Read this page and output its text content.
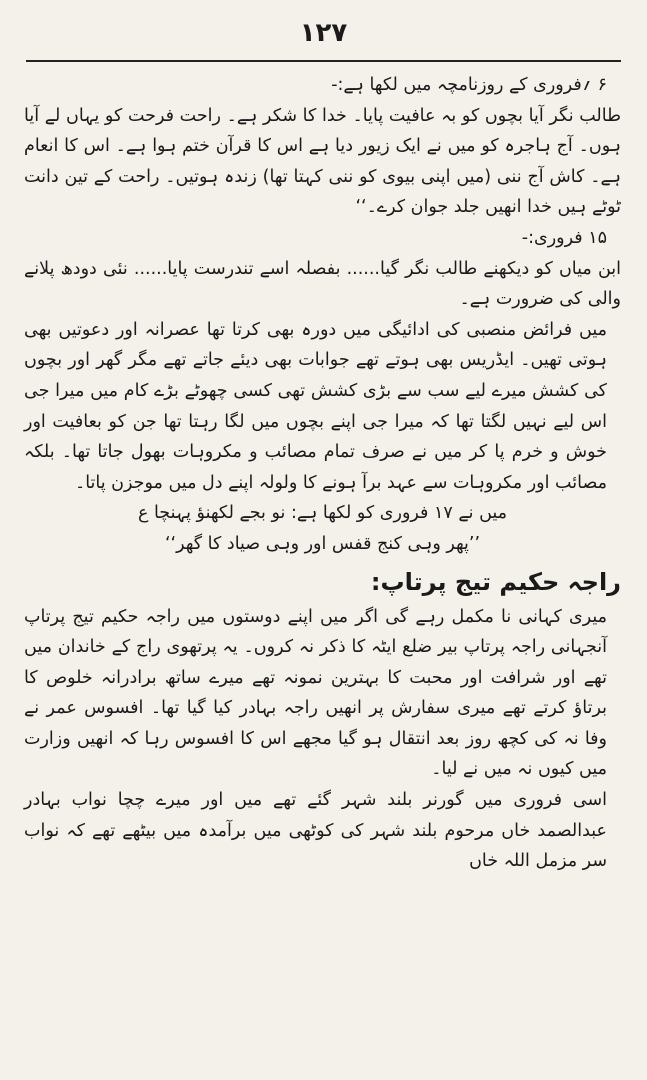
۱۲۷

۶ ؍فروری کے روزنامچہ میں لکھا ہے:-

طالب نگر آیا بچوں کو بہ عافیت پایا۔ خدا کا شکر ہے۔ راحت فرحت کو یہاں لے آیا ہوں۔ آج ہاجرہ کو میں نے ایک زیور دیا ہے اس کا قرآن ختم ہوا ہے۔ اس کا انعام ہے۔ کاش آج ننی (میں اپنی بیوی کو ننی کہتا تھا) زندہ ہوتیں۔ راحت کے تین دانت ٹوٹے ہیں خدا انھیں جلد جوان کرے۔‘‘

۱۵ فروری:-

ابن میاں کو دیکھنے طالب نگر گیا...... بفصلہ اسے تندرست پایا...... نئی دودھ پلانے والی کی ضرورت ہے۔

میں فرائض منصبی کی ادائیگی میں دورہ بھی کرتا تھا عصرانہ اور دعوتیں بھی ہوتی تھیں۔ ایڈریس بھی ہوتے تھے جوابات بھی دیئے جاتے تھے مگر گھر اور بچوں کی کشش میرے لیے سب سے بڑی کشش تھی کسی چھوٹے بڑے کام میں میرا جی اس لیے نہیں لگتا تھا کہ میرا جی اپنے بچوں میں لگا رہتا تھا جن کو بعافیت اور خوش و خرم پا کر میں نے صرف تمام مصائب و مکروہات بھول جاتا تھا۔ بلکہ مصائب اور مکروہات سے عہد برآ ہونے کا ولولہ اپنے دل میں موجزن پاتا۔

میں نے ۱۷ فروری کو لکھا ہے: نو بجے لکھنؤ پہنچا ع

’’پھر وہی کنج قفس اور وہی صیاد کا گھر‘‘

راجہ حکیم تیج پرتاپ:

میری کہانی نا مکمل رہے گی اگر میں اپنے دوستوں میں راجہ حکیم تیج پرتاپ آنجہانی راجہ پرتاپ بیر ضلع ایٹہ کا ذکر نہ کروں۔ یہ پرتھوی راج کے خاندان میں تھے اور شرافت اور محبت کا بہترین نمونہ تھے میرے ساتھ برادرانہ خلوص کا برتاؤ کرتے تھے میری سفارش پر انھیں راجہ بہادر کیا گیا تھا۔ افسوس عمر نے وفا نہ کی کچھ روز بعد انتقال ہو گیا مجھے اس کا افسوس رہا کہ انھیں وزارت میں کیوں نہ میں نے لیا۔

اسی فروری میں گورنر بلند شہر گئے تھے میں اور میرے چچا نواب بہادر عبدالصمد خاں مرحوم بلند شہر کی کوٹھی میں برآمدہ میں بیٹھے تھے کہ نواب سر مزمل اللہ خاں
